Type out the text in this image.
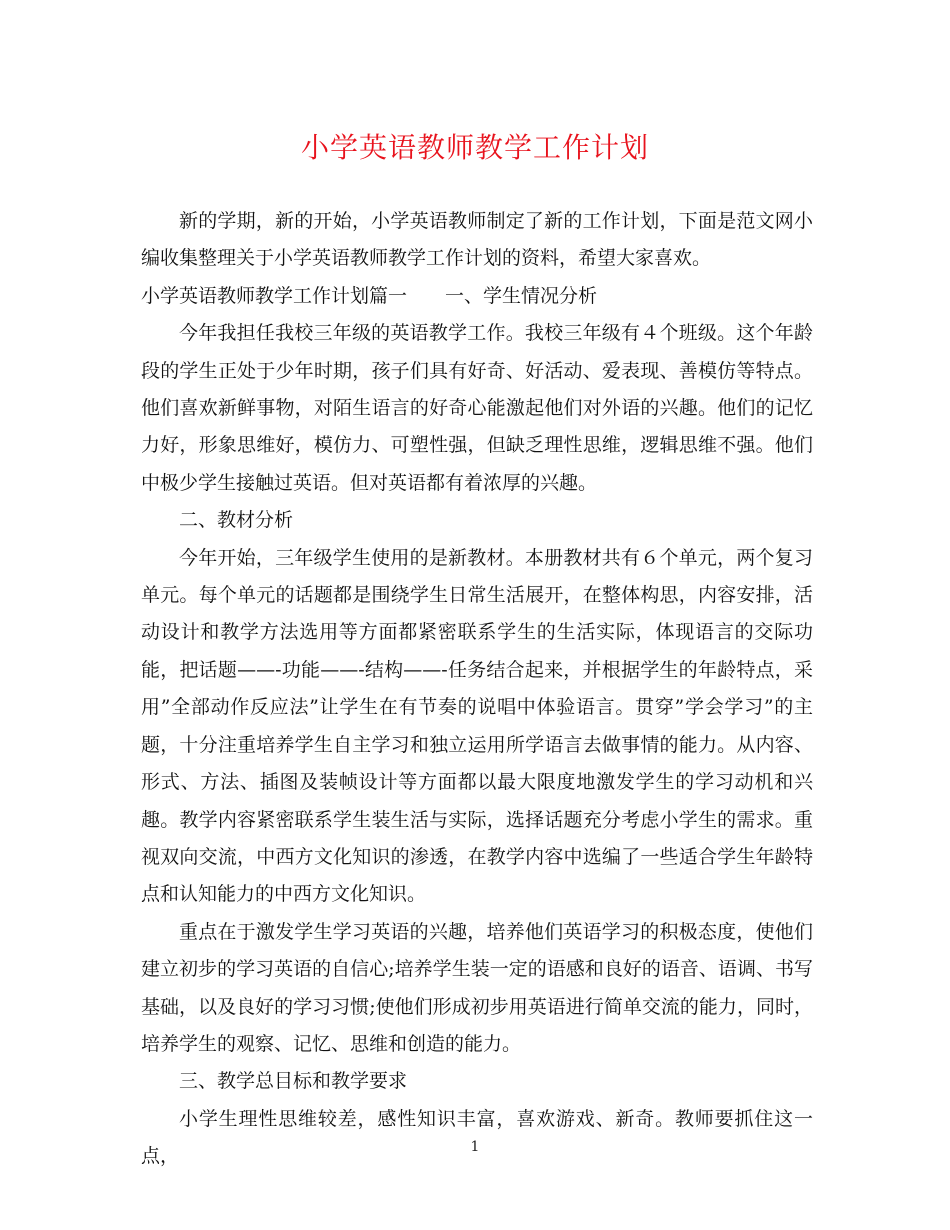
小学英语教师教学工作计划

新的学期，新的开始，小学英语教师制定了新的工作计划，下面是范文网小编收集整理关于小学英语教师教学工作计划的资料，希望大家喜欢。

小学英语教师教学工作计划篇一　　一、学生情况分析

今年我担任我校三年级的英语教学工作。我校三年级有４个班级。这个年龄段的学生正处于少年时期，孩子们具有好奇、好活动、爱表现、善模仿等特点。他们喜欢新鲜事物，对陌生语言的好奇心能激起他们对外语的兴趣。他们的记忆力好，形象思维好，模仿力、可塑性强，但缺乏理性思维，逻辑思维不强。他们中极少学生接触过英语。但对英语都有着浓厚的兴趣。

二、教材分析

今年开始，三年级学生使用的是新教材。本册教材共有６个单元，两个复习单元。每个单元的话题都是围绕学生日常生活展开，在整体构思，内容安排，活动设计和教学方法选用等方面都紧密联系学生的生活实际，体现语言的交际功能，把话题——-功能——-结构——-任务结合起来，并根据学生的年龄特点，采用”全部动作反应法”让学生在有节奏的说唱中体验语言。贯穿”学会学习”的主题，十分注重培养学生自主学习和独立运用所学语言去做事情的能力。从内容、形式、方法、插图及装帧设计等方面都以最大限度地激发学生的学习动机和兴趣。教学内容紧密联系学生装生活与实际，选择话题充分考虑小学生的需求。重视双向交流，中西方文化知识的渗透，在教学内容中选编了一些适合学生年龄特点和认知能力的中西方文化知识。

重点在于激发学生学习英语的兴趣，培养他们英语学习的积极态度，使他们建立初步的学习英语的自信心;培养学生装一定的语感和良好的语音、语调、书写基础，以及良好的学习习惯;使他们形成初步用英语进行简单交流的能力，同时，培养学生的观察、记忆、思维和创造的能力。

三、教学总目标和教学要求

小学生理性思维较差，感性知识丰富，喜欢游戏、新奇。教师要抓住这一点，	1
